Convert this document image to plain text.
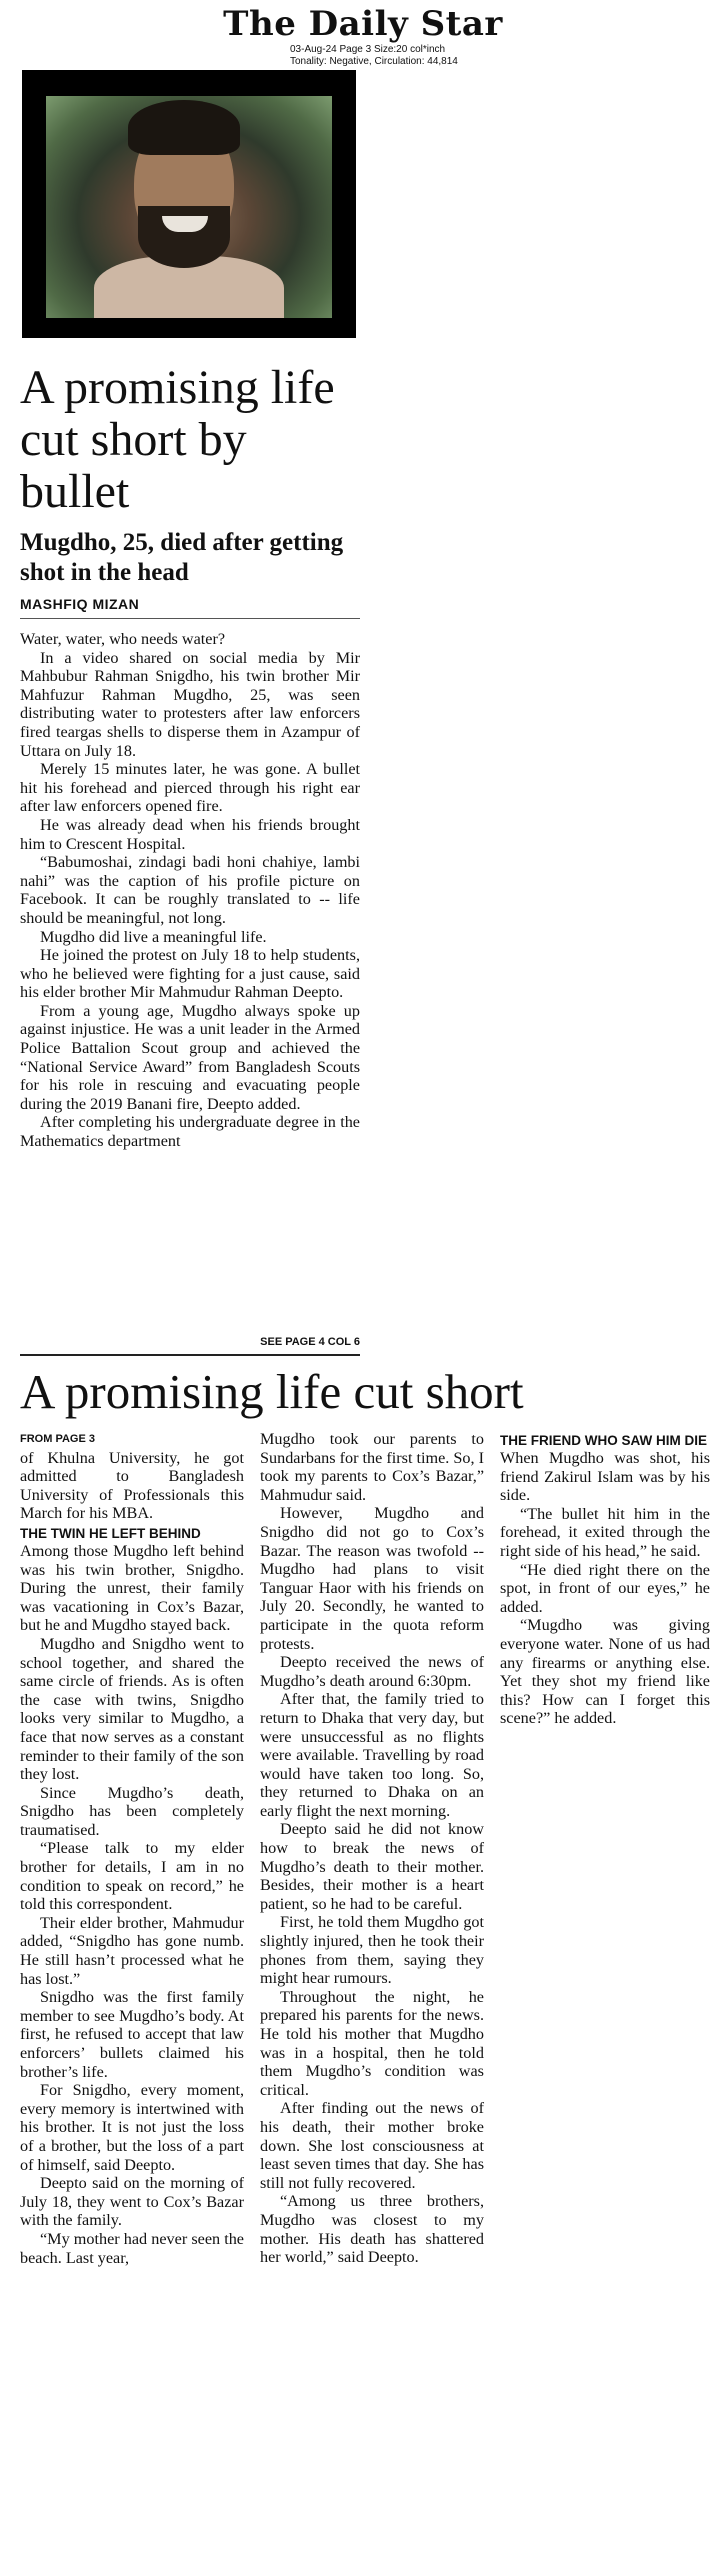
The Daily Star
03-Aug-24 Page 3 Size:20 col*inch
Tonality: Negative, Circulation: 44,814
A promising life cut short by bullet
Mugdho, 25, died after getting shot in the head
MASHFIQ MIZAN

Water, water, who needs water?

In a video shared on social media by Mir Mahbubur Rahman Snigdho, his twin brother Mir Mahfuzur Rahman Mugdho, 25, was seen distributing water to protesters after law enforcers fired teargas shells to disperse them in Azampur of Uttara on July 18.

Merely 15 minutes later, he was gone. A bullet hit his forehead and pierced through his right ear after law enforcers opened fire.

He was already dead when his friends brought him to Crescent Hospital.

“Babumoshai, zindagi badi honi chahiye, lambi nahi” was the caption of his profile picture on Facebook. It can be roughly translated to -- life should be meaningful, not long.

Mugdho did live a meaningful life.

He joined the protest on July 18 to help students, who he believed were fighting for a just cause, said his elder brother Mir Mahmudur Rahman Deepto.

From a young age, Mugdho always spoke up against injustice. He was a unit leader in the Armed Police Battalion Scout group and achieved the “National Service Award” from Bangladesh Scouts for his role in rescuing and evacuating people during the 2019 Banani fire, Deepto added.

After completing his undergraduate degree in the Mathematics department

SEE PAGE 4 COL 6
A promising life cut short
FROM PAGE 3

of Khulna University, he got admitted to Bangladesh University of Professionals this March for his MBA.

THE TWIN HE LEFT BEHIND

Among those Mugdho left behind was his twin brother, Snigdho. During the unrest, their family was vacationing in Cox’s Bazar, but he and Mugdho stayed back.

Mugdho and Snigdho went to school together, and shared the same circle of friends. As is often the case with twins, Snigdho looks very similar to Mugdho, a face that now serves as a constant reminder to their family of the son they lost.

Since Mugdho’s death, Snigdho has been completely traumatised.

“Please talk to my elder brother for details, I am in no condition to speak on record,” he told this correspondent.

Their elder brother, Mahmudur added, “Snigdho has gone numb. He still hasn’t processed what he has lost.”

Snigdho was the first family member to see Mugdho’s body. At first, he refused to accept that law enforcers’ bullets claimed his brother’s life.

For Snigdho, every moment, every memory is intertwined with his brother. It is not just the loss of a brother, but the loss of a part of himself, said Deepto.

Deepto said on the morning of July 18, they went to Cox’s Bazar with the family.

“My mother had never seen the beach. Last year,

Mugdho took our parents to Sundarbans for the first time. So, I took my parents to Cox’s Bazar,” Mahmudur said.

However, Mugdho and Snigdho did not go to Cox’s Bazar. The reason was twofold -- Mugdho had plans to visit Tanguar Haor with his friends on July 20. Secondly, he wanted to participate in the quota reform protests.

Deepto received the news of Mugdho’s death around 6:30pm.

After that, the family tried to return to Dhaka that very day, but were unsuccessful as no flights were available. Travelling by road would have taken too long. So, they returned to Dhaka on an early flight the next morning.

Deepto said he did not know how to break the news of Mugdho’s death to their mother. Besides, their mother is a heart patient, so he had to be careful.

First, he told them Mugdho got slightly injured, then he took their phones from them, saying they might hear rumours.

Throughout the night, he prepared his parents for the news. He told his mother that Mugdho was in a hospital, then he told them Mugdho’s condition was critical.

After finding out the news of his death, their mother broke down. She lost consciousness at least seven times that day. She has still not fully recovered.

“Among us three brothers, Mugdho was closest to my mother. His death has shattered her world,” said Deepto.

THE FRIEND WHO SAW HIM DIE

When Mugdho was shot, his friend Zakirul Islam was by his side.

“The bullet hit him in the forehead, it exited through the right side of his head,” he said.

“He died right there on the spot, in front of our eyes,” he added.

“Mugdho was giving everyone water. None of us had any firearms or anything else. Yet they shot my friend like this? How can I forget this scene?” he added.
